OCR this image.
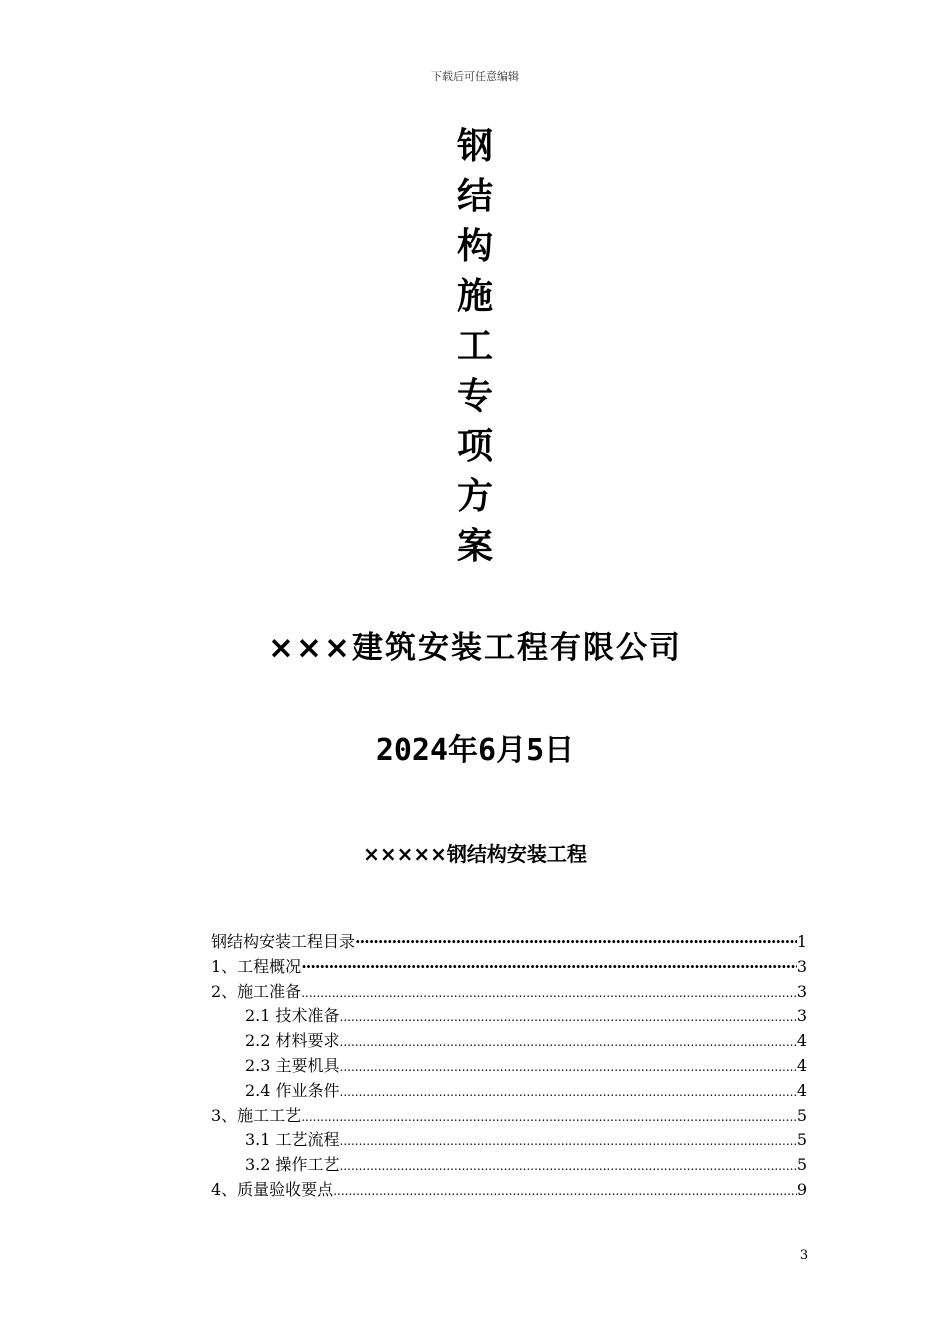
下载后可任意编辑
钢
结
构
施
工
专
项
方
案
×××建筑安装工程有限公司
2024年6月5日
×××××钢结构安装工程
钢结构安装工程目录 ·····	1
1、工程概况 ·····	3
2、施工准备 .....	3
2.1 技术准备 .....	3
2.2 材料要求 .....	4
2.3 主要机具 .....	4
2.4 作业条件 .....	4
3、施工工艺 .....	5
3.1 工艺流程 .....	5
3.2 操作工艺 .....	5
4、质量验收要点 .....	9
3
